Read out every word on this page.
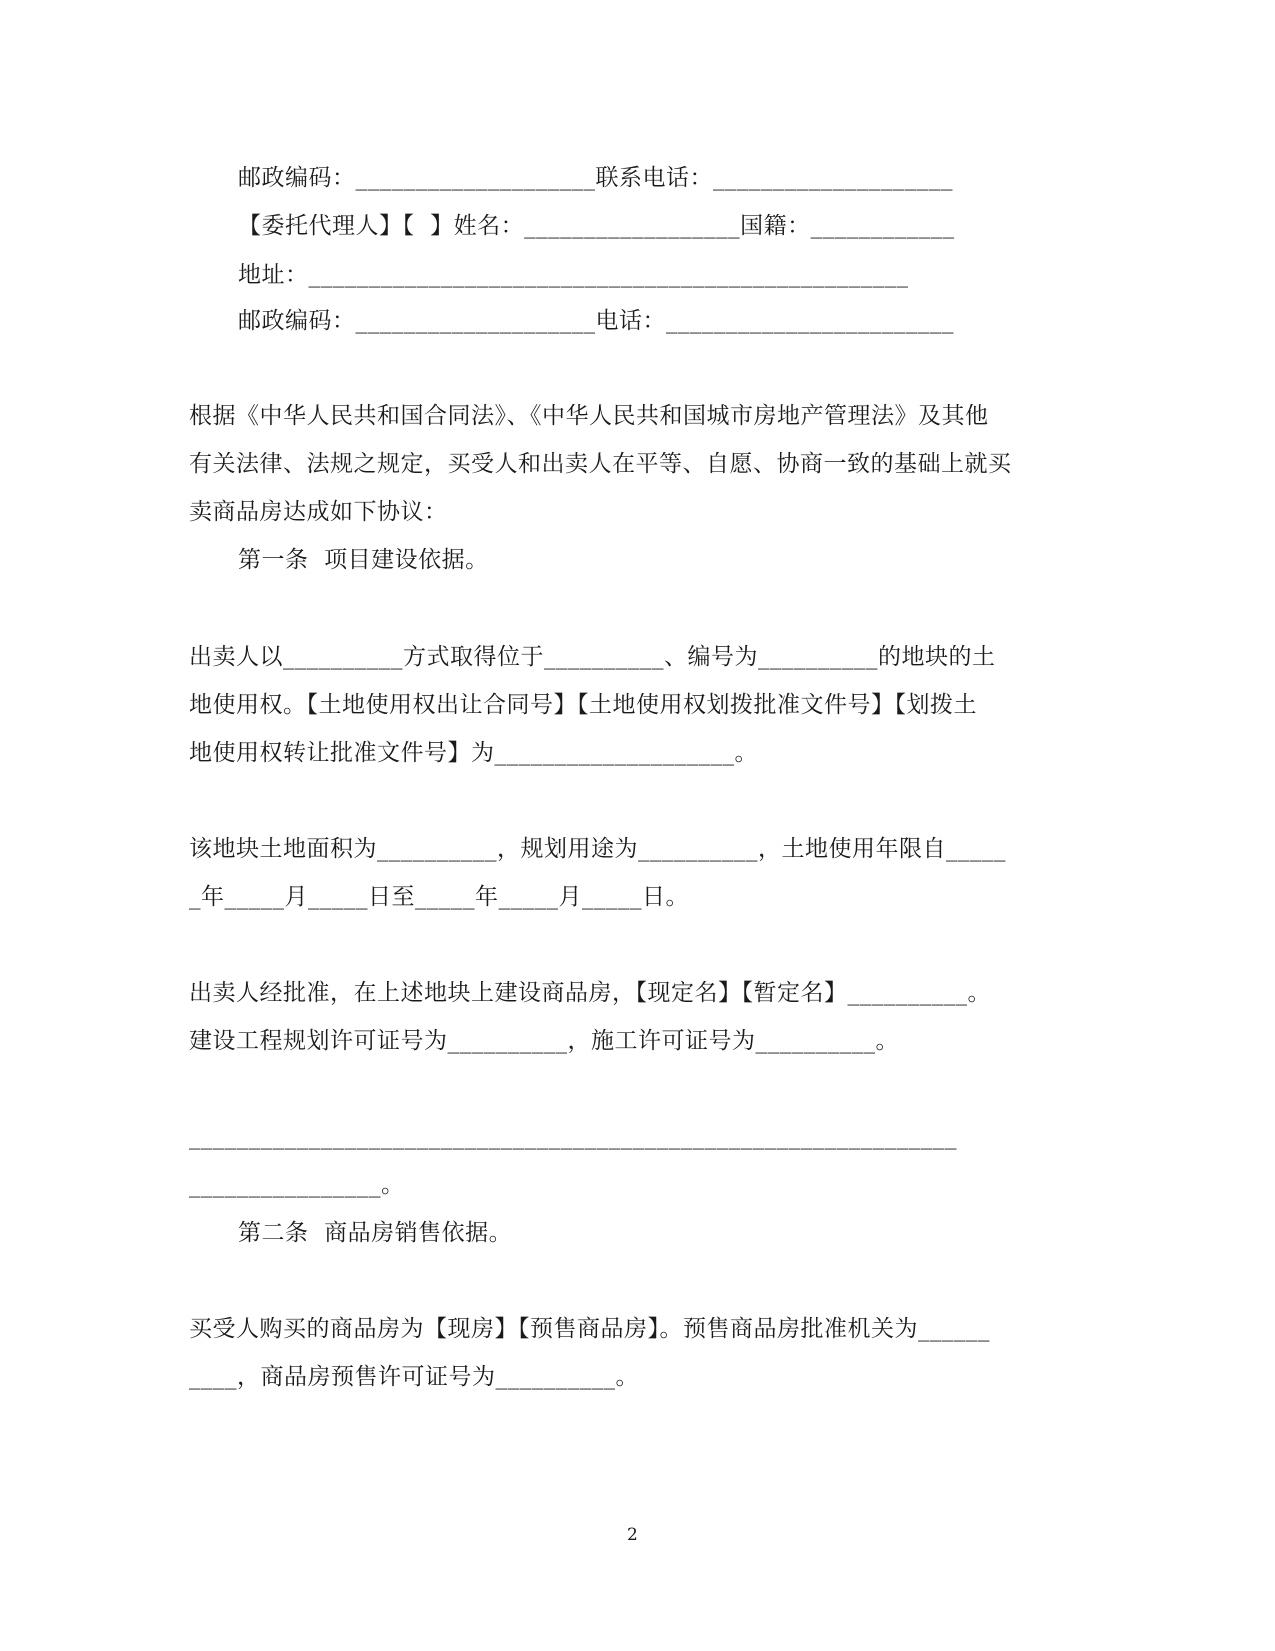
邮政编码：____________________联系电话：____________________
【委托代理人】【  】姓名：__________________国籍：____________
地址：__________________________________________________
邮政编码：____________________电话：________________________
根据《中华人民共和国合同法》、《中华人民共和国城市房地产管理法》及其他
有关法律、法规之规定，买受人和出卖人在平等、自愿、协商一致的基础上就买
卖商品房达成如下协议：
第一条  项目建设依据。
出卖人以__________方式取得位于__________、编号为__________的地块的土
地使用权。【土地使用权出让合同号】【土地使用权划拨批准文件号】【划拨土
地使用权转让批准文件号】为____________________。
该地块土地面积为__________，规划用途为__________，土地使用年限自_____
_年_____月_____日至_____年_____月_____日。
出卖人经批准，在上述地块上建设商品房，【现定名】【暂定名】__________。
建设工程规划许可证号为__________，施工许可证号为__________。
________________________________________________________________
________________。
第二条  商品房销售依据。
买受人购买的商品房为【现房】【预售商品房】。预售商品房批准机关为______
____，商品房预售许可证号为__________。
2
